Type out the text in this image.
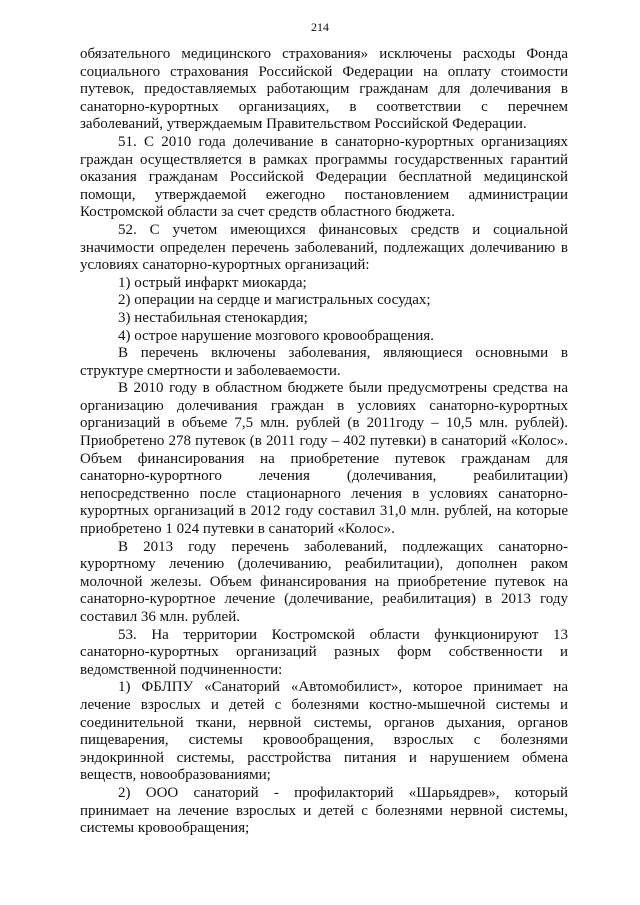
214

обязательного медицинского страхования» исключены расходы Фонда социального страхования Российской Федерации на оплату стоимости путевок, предоставляемых работающим гражданам для долечивания в санаторно-курортных организациях, в соответствии с перечнем заболеваний, утверждаемым Правительством Российской Федерации.

51. С 2010 года долечивание в санаторно-курортных организациях граждан осуществляется в рамках программы государственных гарантий оказания гражданам Российской Федерации бесплатной медицинской помощи, утверждаемой ежегодно постановлением администрации Костромской области за счет средств областного бюджета.

52. С учетом имеющихся финансовых средств и социальной значимости определен перечень заболеваний, подлежащих долечиванию в условиях санаторно-курортных организаций:

1) острый инфаркт миокарда;

2) операции на сердце и магистральных сосудах;

3) нестабильная стенокардия;

4) острое нарушение мозгового кровообращения.

В перечень включены заболевания, являющиеся основными в структуре смертности и заболеваемости.

В 2010 году в областном бюджете были предусмотрены средства на организацию долечивания граждан в условиях санаторно-курортных организаций в объеме 7,5 млн. рублей (в 2011году – 10,5 млн. рублей). Приобретено 278 путевок (в 2011 году – 402 путевки) в санаторий «Колос». Объем финансирования на приобретение путевок гражданам для санаторно-курортного лечения (долечивания, реабилитации) непосредственно после стационарного лечения в условиях санаторно-курортных организаций в 2012 году составил 31,0 млн. рублей, на которые приобретено 1 024 путевки в санаторий «Колос».

В 2013 году перечень заболеваний, подлежащих санаторно-курортному лечению (долечиванию, реабилитации), дополнен раком молочной железы. Объем финансирования на приобретение путевок на санаторно-курортное лечение (долечивание, реабилитация) в 2013 году составил 36 млн. рублей.

53. На территории Костромской области функционируют 13 санаторно-курортных организаций разных форм собственности и ведомственной подчиненности:

1) ФБЛПУ «Санаторий «Автомобилист», которое принимает на лечение взрослых и детей с болезнями костно-мышечной системы и соединительной ткани, нервной системы, органов дыхания, органов пищеварения, системы кровообращения, взрослых с болезнями эндокринной системы, расстройства питания и нарушением обмена веществ, новообразованиями;

2) ООО санаторий - профилакторий «Шарьядрев», который принимает на лечение взрослых и детей с болезнями нервной системы, системы кровообращения;
